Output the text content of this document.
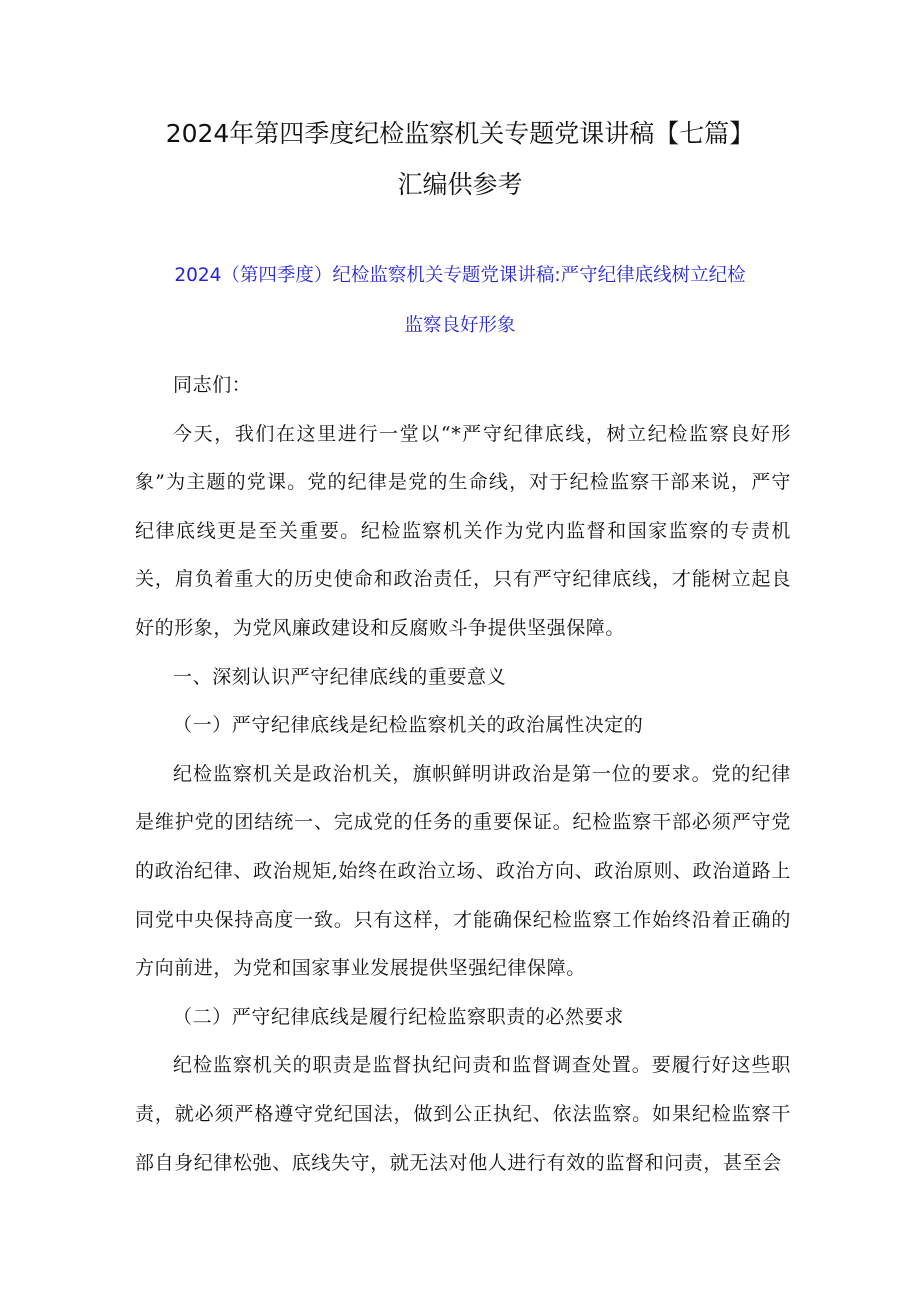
2024年第四季度纪检监察机关专题党课讲稿【七篇】
汇编供参考
2024（第四季度）纪检监察机关专题党课讲稿:严守纪律底线树立纪检
监察良好形象

同志们：

今天，我们在这里进行一堂以“*严守纪律底线，树立纪检监察良好形象”为主题的党课。党的纪律是党的生命线，对于纪检监察干部来说，严守纪律底线更是至关重要。纪检监察机关作为党内监督和国家监察的专责机关，肩负着重大的历史使命和政治责任，只有严守纪律底线，才能树立起良好的形象，为党风廉政建设和反腐败斗争提供坚强保障。

一、深刻认识严守纪律底线的重要意义

（一）严守纪律底线是纪检监察机关的政治属性决定的

纪检监察机关是政治机关，旗帜鲜明讲政治是第一位的要求。党的纪律是维护党的团结统一、完成党的任务的重要保证。纪检监察干部必须严守党的政治纪律、政治规矩,始终在政治立场、政治方向、政治原则、政治道路上同党中央保持高度一致。只有这样，才能确保纪检监察工作始终沿着正确的方向前进，为党和国家事业发展提供坚强纪律保障。

（二）严守纪律底线是履行纪检监察职责的必然要求

纪检监察机关的职责是监督执纪问责和监督调查处置。要履行好这些职责，就必须严格遵守党纪国法，做到公正执纪、依法监察。如果纪检监察干部自身纪律松弛、底线失守，就无法对他人进行有效的监督和问责，甚至会
